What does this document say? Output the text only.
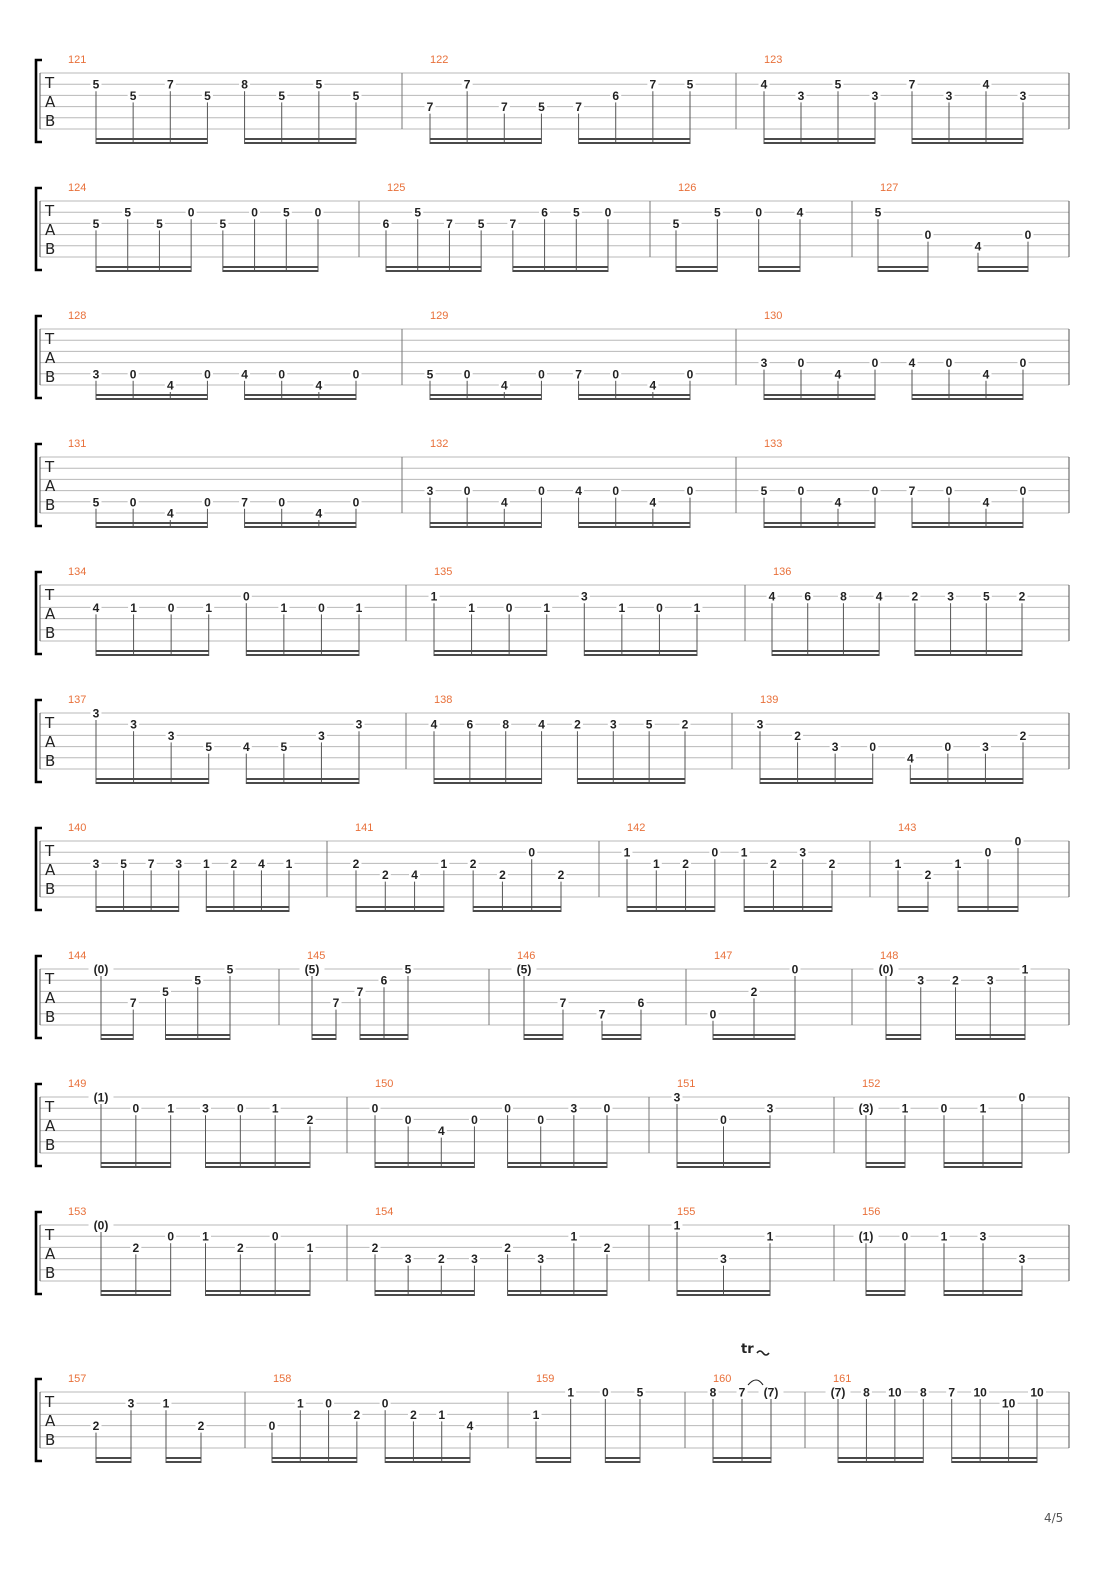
T
A
B
121
5
5
7
5
8
5
5
5
122
7
7
7	5	7
6
7	5
123
4
3
5
3
7
3
4
3
T
A
B
124
5
5
5
0
5
0 5 0
125
6
5
7 5 7
6 5 0
126
5
5	0	4
127
5
0
4
0
T
A
B
128
3	0
4
0	4	0
4
0
129
5	0
4
0	7	0
4
0
130
3	0
4
0	4	0
4
0
T
A
B
131
5	0
4
0	7	0
4
0
132
3	0
4
0	4	0
4
0
133
5	0
4
0	7	0
4
0
T
A
B
134
4	1	0	1
0
1	0	1
135
1
1	0	1
3
1	0	1
136
4 6 8 4 2 3 5 2
T
A
B
137
3
3
3
5	4	5
3
3
138
4 6 8 4 2 3 5 2
139
3
2
3	0
4
0	3
2
T
A
B
140
3 5 7 3 1 2 4 1
141
2
2 4
1 2
2
0
2
142
1
1 2
0 1
2
3
2
143
1
2
1
0
0
T
A
B
144
(0)
7
5
5
5
145
(5)
7
7
6
5
146
(5)
7
7
6
147
0
2
0
148
(0)
3 2 3
1
T
A
B
149
(1)
0 1 3 0 1
2
150
0
0
4
0
0
0
3 0
151
3
0
3
152
(3) 1	0	1
0
T
A
B
153
(0)
2
0 1
2
0
1
154
2
3 2 3
2
3
1
2
155
1
3
1
156
(1) 0	1	3
3
T
A
B
157
2
3 1
2
158
0
1 0
2
0
2 1
4
159
1
1 0 5
160
8 7 (7)
161
(7) 8 10 8 7 10
10
10
tr
4/5
